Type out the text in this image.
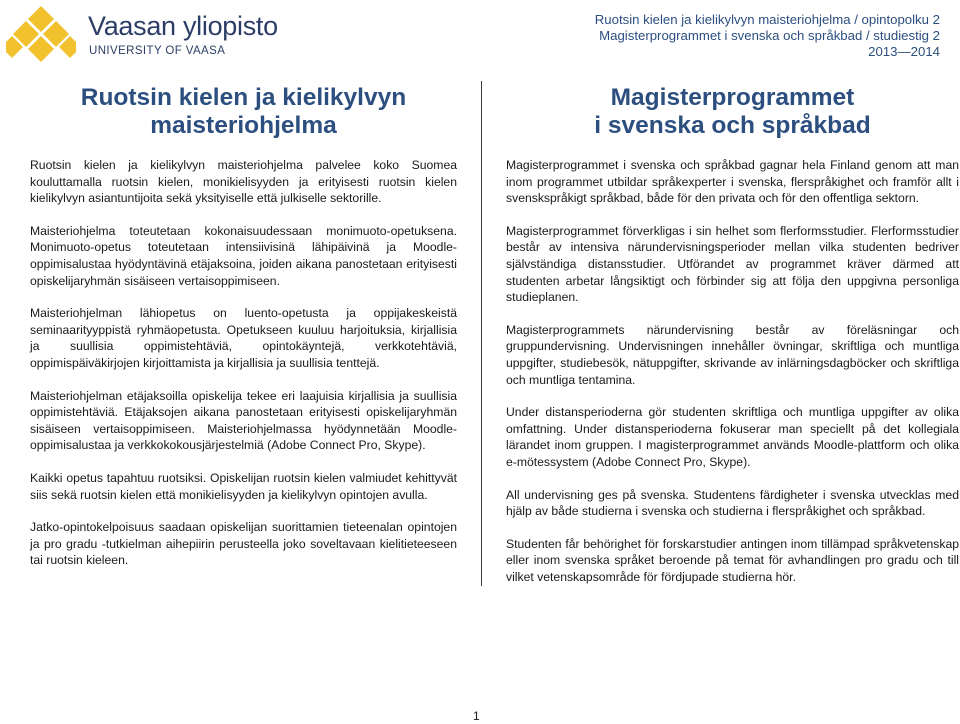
Vaasan yliopisto
UNIVERSITY OF VAASA
Ruotsin kielen ja kielikylvyn maisteriohjelma / opintopolku 2
Magisterprogrammet i svenska och språkbad / studiestig 2
2013—2014
Ruotsin kielen ja kielikylvyn
maisteriohjelma

Ruotsin kielen ja kielikylvyn maisteriohjelma palvelee koko Suomea kouluttamalla ruotsin kielen, monikielisyyden ja erityisesti ruotsin kielen kielikylvyn asiantuntijoita sekä yksityiselle että julkiselle sektorille.

Maisteriohjelma toteutetaan kokonaisuudessaan monimuoto-opetuksena. Monimuoto-opetus toteutetaan intensiivisinä lähipäivinä ja Moodle-oppimisalustaa hyödyntävinä etäjaksoina, joiden aikana panostetaan erityisesti opiskelijaryhmän sisäiseen vertaisoppimiseen.

Maisteriohjelman lähiopetus on luento-opetusta ja oppijakeskeistä seminaarityyppistä ryhmäopetusta. Opetukseen kuuluu harjoituksia, kirjallisia ja suullisia oppimistehtäviä, opintokäyntejä, verkkotehtäviä, oppimispäiväkirjojen kirjoittamista ja kirjallisia ja suullisia tenttejä.

Maisteriohjelman etäjaksoilla opiskelija tekee eri laajuisia kirjallisia ja suullisia oppimistehtäviä. Etäjaksojen aikana panostetaan erityisesti opiskelijaryhmän sisäiseen vertaisoppimiseen. Maisteriohjelmassa hyödynnetään Moodle-oppimisalustaa ja verkkokokousjärjestelmiä (Adobe Connect Pro, Skype).

Kaikki opetus tapahtuu ruotsiksi. Opiskelijan ruotsin kielen valmiudet kehittyvät siis sekä ruotsin kielen että monikielisyyden ja kielikylvyn opintojen avulla.

Jatko-opintokelpoisuus saadaan opiskelijan suorittamien tieteenalan opintojen ja pro gradu -tutkielman aihepiirin perusteella joko soveltavaan kielitieteeseen tai ruotsin kieleen.

Magisterprogrammet
i svenska och språkbad

Magisterprogrammet i svenska och språkbad gagnar hela Finland genom att man inom programmet utbildar språkexperter i svenska, flerspråkighet och framför allt i svenskspråkigt språkbad, både för den privata och för den offentliga sektorn.

Magisterprogrammet förverkligas i sin helhet som flerformsstudier. Flerformsstudier består av intensiva närundervisningsperioder mellan vilka studenten bedriver självständiga distansstudier. Utförandet av programmet kräver därmed att studenten arbetar långsiktigt och förbinder sig att följa den uppgivna personliga studieplanen.

Magisterprogrammets närundervisning består av föreläsningar och gruppundervisning. Undervisningen innehåller övningar, skriftliga och muntliga uppgifter, studiebesök, nätuppgifter, skrivande av inlärningsdagböcker och skriftliga och muntliga tentamina.

Under distansperioderna gör studenten skriftliga och muntliga uppgifter av olika omfattning. Under distansperioderna fokuserar man speciellt på det kollegiala lärandet inom gruppen. I magisterprogrammet används Moodle-plattform och olika e-mötessystem (Adobe Connect Pro, Skype).

All undervisning ges på svenska. Studentens färdigheter i svenska utvecklas med hjälp av både studierna i svenska och studierna i flerspråkighet och språkbad.

Studenten får behörighet för forskarstudier antingen inom tillämpad språkvetenskap eller inom svenska språket beroende på temat för avhandlingen pro gradu och till vilket vetenskapsområde för fördjupade studierna hör.

1
